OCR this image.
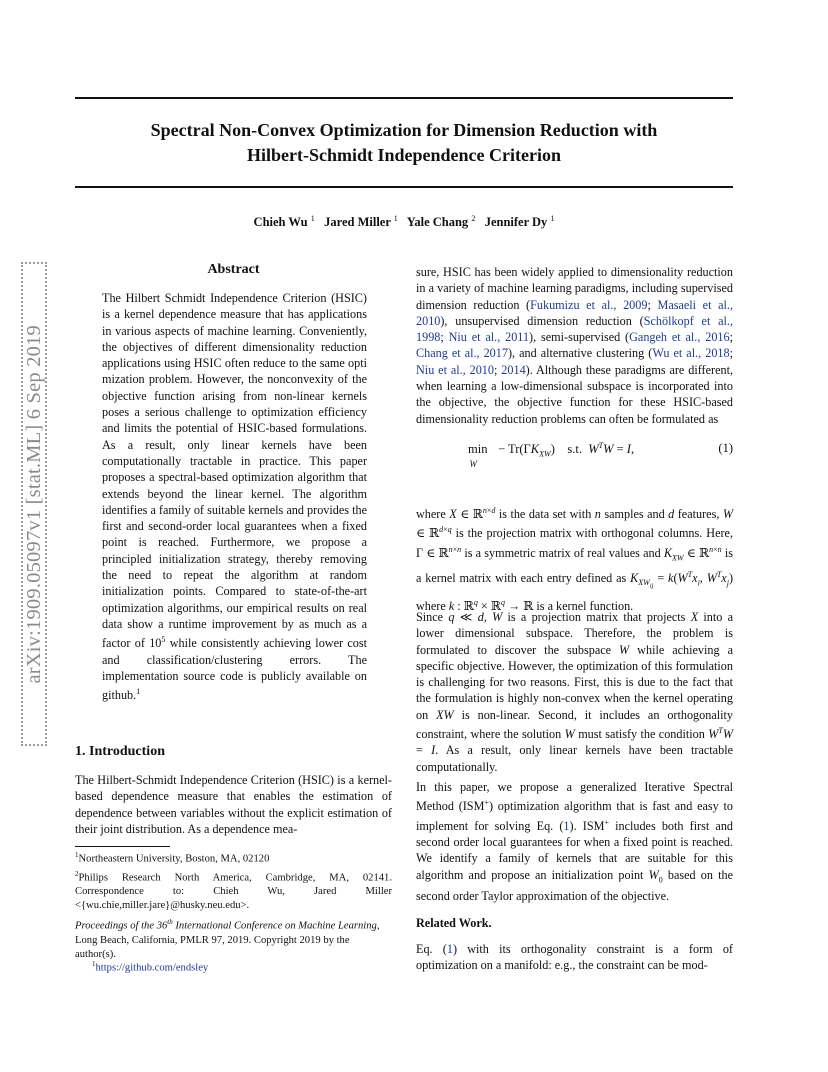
Spectral Non-Convex Optimization for Dimension Reduction with
Hilbert-Schmidt Independence Criterion
Chieh Wu $^1$ Jared Miller $^1$ Yale Chang $^2$ Jennifer Dy $^1$
arXiv:1909.05097v1 [stat.ML] 6 Sep 2019
Abstract
The Hilbert Schmidt Independence Criterion (HSIC) is a kernel dependence measure that has applications in various aspects of machine learning. Conveniently, the objectives of different dimensionality reduction applications using HSIC often reduce to the same opti mization problem. However, the nonconvexity of the objective function arising from non-linear kernels poses a serious challenge to optimization efficiency and limits the potential of HSIC-based formulations. As a result, only linear kernels have been computationally tractable in practice. This paper proposes a spectral-based optimization algorithm that extends beyond the linear kernel. The algorithm identifies a family of suitable kernels and provides the first and second-order local guarantees when a fixed point is reached. Furthermore, we propose a principled initialization strategy, thereby removing the need to repeat the algorithm at random initialization points. Compared to state-of-the-art optimization algorithms, our empirical results on real data show a runtime improvement by as much as a factor of $10^5$ while consistently achieving lower cost and classification/clustering errors. The implementation source code is publicly available on github.$^1$
1. Introduction

The Hilbert-Schmidt Independence Criterion (HSIC) is a kernel-based dependence measure that enables the estimation of dependence between variables without the explicit estimation of their joint distribution. As a dependence mea-

$^1$Northeastern University, Boston, MA, 02120
$^2$Philips Research North America, Cambridge, MA, 02141. Correspondence to: Chieh Wu, Jared Miller <{wu.chie,miller.jare}@husky.neu.edu>.
Proceedings of the 36th International Conference on Machine Learning, Long Beach, California, PMLR 97, 2019. Copyright 2019 by the author(s).
$^1$https://github.com/endsley

sure, HSIC has been widely applied to dimensionality reduction in a variety of machine learning paradigms, including supervised dimension reduction (Fukumizu et al., 2009; Masaeli et al., 2010), unsupervised dimension reduction (Schölkopf et al., 1998; Niu et al., 2011), semi-supervised (Gangeh et al., 2016; Chang et al., 2017), and alternative clustering (Wu et al., 2018; Niu et al., 2010; 2014). Although these paradigms are different, when learning a low-dimensional subspace is incorporated into the objective, the objective function for these HSIC-based dimensionality reduction problems can often be formulated as

$\min_W - Tr(\Gamma K_{XW})$    s.t.  $W^TW = I$,	(1)

where X ∈ ℝ$^{n\times d}$ is the data set with n samples and d features, W ∈ ℝ$^{d\times q}$ is the projection matrix with orthogonal columns. Here, Γ ∈ ℝ$^{n\times n}$ is a symmetric matrix of real values and $K_{XW}$ ∈ ℝ$^{n\times n}$ is a kernel matrix with each entry defined as $K_{XW_{ij}} = k(W^Tx_i$, $W^Tx_j$) where k : ℝ$^q$ × ℝ$^q$ → ℝ is a kernel function.

Since q ≪ d, W is a projection matrix that projects X into a lower dimensional subspace. Therefore, the problem is formulated to discover the subspace W while achieving a specific objective. However, the optimization of this formulation is challenging for two reasons. First, this is due to the fact that the formulation is highly non-convex when the kernel operating on XW is non-linear. Second, it includes an orthogonality constraint, where the solution W must satisfy the condition $W^TW = I$. As a result, only linear kernels have been tractable computationally.

In this paper, we propose a generalized Iterative Spectral Method (ISM+) optimization algorithm that is fast and easy to implement for solving Eq. (1). ISM+ includes both first and second order local guarantees for when a fixed point is reached. We identify a family of kernels that are suitable for this algorithm and propose an initialization point $W_0$ based on the second order Taylor approximation of the objective.

Related Work.

Eq. (1) with its orthogonality constraint is a form of optimization on a manifold: e.g., the constraint can be mod-
